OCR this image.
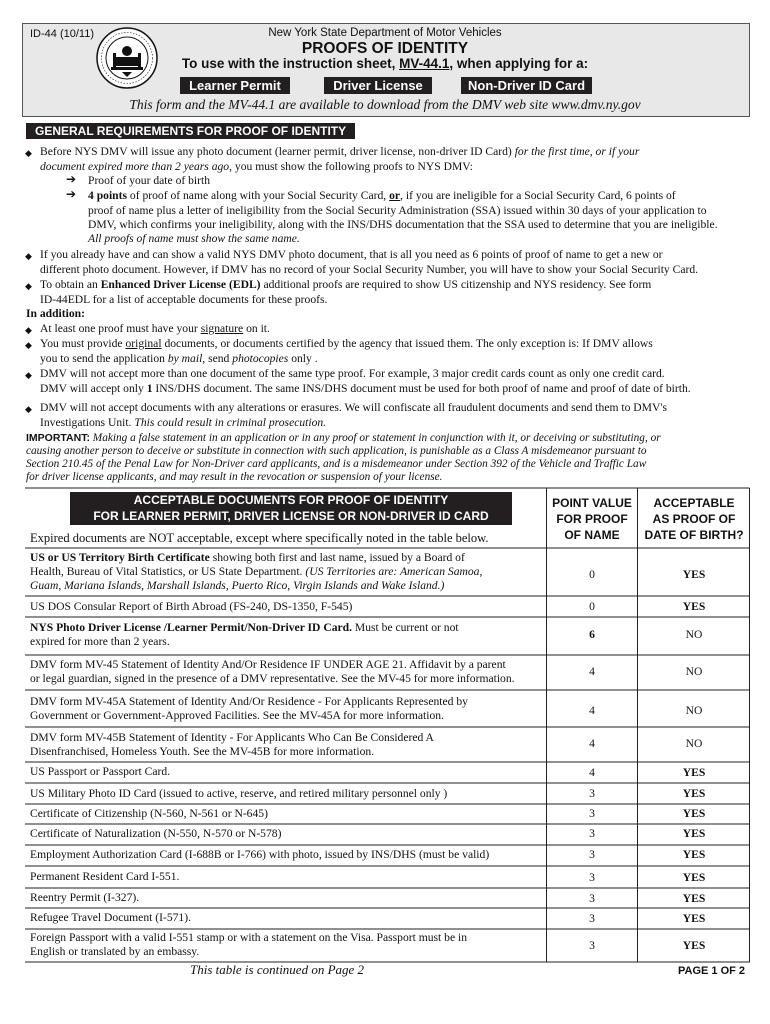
ID-44 (10/11)	New York State Department of Motor Vehicles
PROOFS OF IDENTITY
To use with the instruction sheet, MV-44.1, when applying for a:
Learner Permit	Driver License	Non-Driver ID Card
This form and the MV-44.1 are available to download from the DMV web site www.dmv.ny.gov
GENERAL REQUIREMENTS FOR PROOF OF IDENTITY
◆ Before NYS DMV will issue any photo document (learner permit, driver license, non-driver ID Card) for the first time, or if your
document expired more than 2 years ago, you must show the following proofs to NYS DMV:
➔ Proof of your date of birth
➔ 4 points of proof of name along with your Social Security Card, or, if you are ineligible for a Social Security Card, 6 points of
proof of name plus a letter of ineligibility from the Social Security Administration (SSA) issued within 30 days of your application to
DMV, which confirms your ineligibility, along with the INS/DHS documentation that the SSA used to determine that you are ineligible.
All proofs of name must show the same name.
◆ If you already have and can show a valid NYS DMV photo document, that is all you need as 6 points of proof of name to get a new or
different photo document. However, if DMV has no record of your Social Security Number, you will have to show your Social Security Card.
◆ To obtain an Enhanced Driver License (EDL) additional proofs are required to show US citizenship and NYS residency. See form
ID-44EDL for a list of acceptable documents for these proofs.
In addition:
◆ At least one proof must have your signature on it.
◆ You must provide original documents, or documents certified by the agency that issued them. The only exception is: If DMV allows
you to send the application by mail, send photocopies only .
◆ DMV will not accept more than one document of the same type proof. For example, 3 major credit cards count as only one credit card.
DMV will accept only 1 INS/DHS document. The same INS/DHS document must be used for both proof of name and proof of date of birth.
◆ DMV will not accept documents with any alterations or erasures. We will confiscate all fraudulent documents and send them to DMV's
Investigations Unit. This could result in criminal prosecution.
IMPORTANT: Making a false statement in an application or in any proof or statement in conjunction with it, or deceiving or substituting, or
causing another person to deceive or substitute in connection with such application, is punishable as a Class A misdemeanor pursuant to
Section 210.45 of the Penal Law for Non-Driver card applicants, and is a misdemeanor under Section 392 of the Vehicle and Traffic Law
for driver license applicants, and may result in the revocation or suspension of your license.
ACCEPTABLE DOCUMENTS FOR PROOF OF IDENTITY
FOR LEARNER PERMIT, DRIVER LICENSE OR NON-DRIVER ID CARD
Expired documents are NOT acceptable, except where specifically noted in the table below.
POINT VALUE
FOR PROOF
OF NAME
ACCEPTABLE
AS PROOF OF
DATE OF BIRTH?
US or US Territory Birth Certificate showing both first and last name, issued by a Board of
Health, Bureau of Vital Statistics, or US State Department. (US Territories are: American Samoa,
Guam, Mariana Islands, Marshall Islands, Puerto Rico, Virgin Islands and Wake Island.)
0	YES
US DOS Consular Report of Birth Abroad (FS-240, DS-1350, F-545)	0	YES
NYS Photo Driver License /Learner Permit/Non-Driver ID Card. Must be current or not
expired for more than 2 years.
6	NO
DMV form MV-45 Statement of Identity And/Or Residence IF UNDER AGE 21. Affidavit by a parent
or legal guardian, signed in the presence of a DMV representative. See the MV-45 for more information.
4	NO
DMV form MV-45A Statement of Identity And/Or Residence - For Applicants Represented by
Government or Government-Approved Facilities. See the MV-45A for more information.	4	NO
DMV form MV-45B Statement of Identity - For Applicants Who Can Be Considered A
Disenfranchised, Homeless Youth. See the MV-45B for more information.
4	NO
US Passport or Passport Card.	4	YES
US Military Photo ID Card (issued to active, reserve, and retired military personnel only )	3	YES
Certificate of Citizenship (N-560, N-561 or N-645)	3	YES
Certificate of Naturalization (N-550, N-570 or N-578)	3	YES
Employment Authorization Card (I-688B or I-766) with photo, issued by INS/DHS (must be valid)	3	YES
Permanent Resident Card I-551.	3	YES
Reentry Permit (I-327).	3	YES
Refugee Travel Document (I-571).	3	YES
Foreign Passport with a valid I-551 stamp or with a statement on the Visa. Passport must be in
English or translated by an embassy.	3	YES
This table is continued on Page 2	PAGE 1 OF 2
